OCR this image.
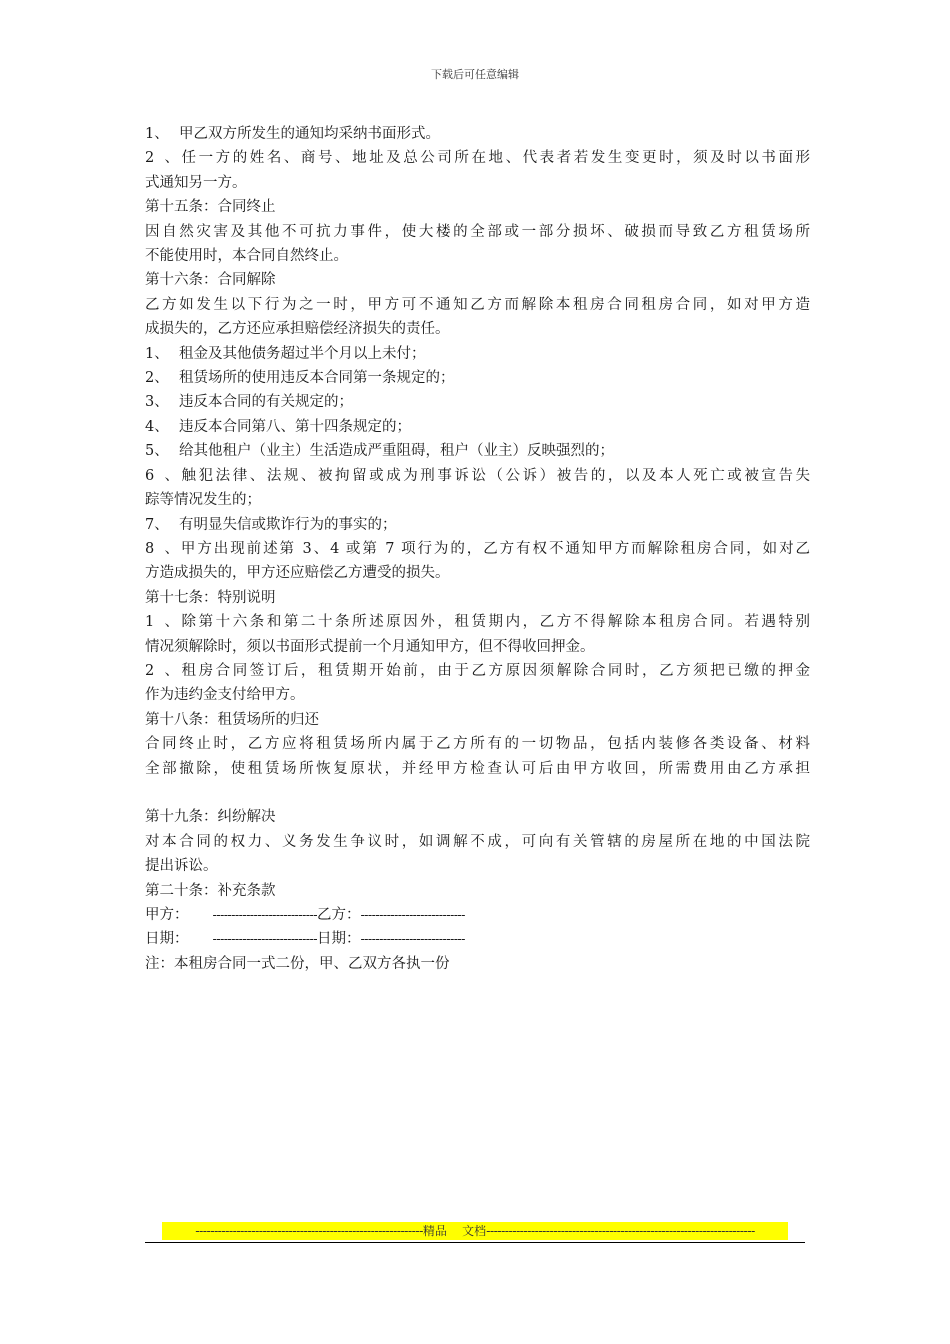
下载后可任意编辑
1、 甲乙双方所发生的通知均采纳书面形式。
2、任一方的姓名、商号、地址及总公司所在地、代表者若发生变更时，须及时以书面形
式通知另一方。
第十五条：合同终止
因自然灾害及其他不可抗力事件，使大楼的全部或一部分损坏、破损而导致乙方租赁场所
不能使用时，本合同自然终止。
第十六条：合同解除
乙方如发生以下行为之一时，甲方可不通知乙方而解除本租房合同租房合同，如对甲方造
成损失的，乙方还应承担赔偿经济损失的责任。
1、 租金及其他债务超过半个月以上未付；
2、 租赁场所的使用违反本合同第一条规定的；
3、 违反本合同的有关规定的；
4、 违反本合同第八、第十四条规定的；
5、 给其他租户（业主）生活造成严重阻碍，租户（业主）反映强烈的；
6、触犯法律、法规、被拘留或成为刑事诉讼（公诉）被告的，以及本人死亡或被宣告失
踪等情况发生的；
7、 有明显失信或欺诈行为的事实的；
8、甲方出现前述第 3、4 或第 7 项行为的，乙方有权不通知甲方而解除租房合同，如对乙
方造成损失的，甲方还应赔偿乙方遭受的损失。
第十七条：特别说明
1、除第十六条和第二十条所述原因外，租赁期内，乙方不得解除本租房合同。若遇特别
情况须解除时，须以书面形式提前一个月通知甲方，但不得收回押金。
2、租房合同签订后，租赁期开始前，由于乙方原因须解除合同时，乙方须把已缴的押金
作为违约金支付给甲方。
第十八条：租赁场所的归还
合同终止时，乙方应将租赁场所内属于乙方所有的一切物品，包括内装修各类设备、材料
全部撤除，使租赁场所恢复原状，并经甲方检查认可后由甲方收回，所需费用由乙方承担
第十九条：纠纷解决
对本合同的权力、义务发生争议时，如调解不成，可向有关管辖的房屋所在地的中国法院
提出诉讼。
第二十条：补充条款
甲方： ----------------------------乙方：----------------------------
日期： ----------------------------日期：----------------------------
注：本租房合同一式二份，甲、乙双方各执一份
-------------------------------------------------------------精品    文档------------------------------------------------------------------------
